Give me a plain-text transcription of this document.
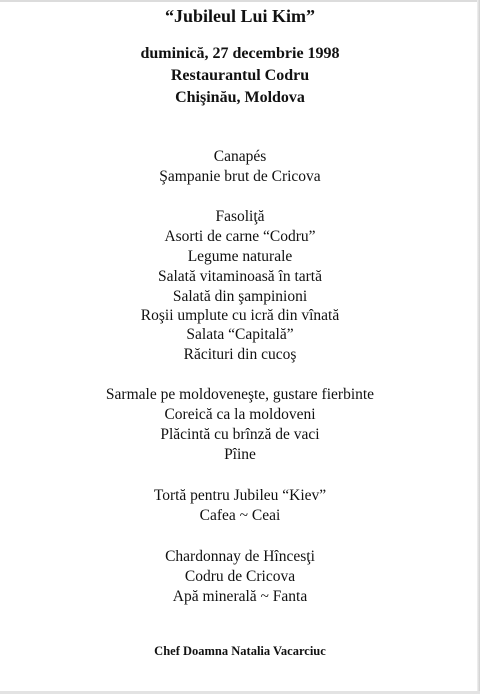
“Jubileul Lui Kim”
duminică, 27 decembrie 1998
Restaurantul Codru
Chişinău, Moldova
Canapés
Şampanie brut de Cricova
Fasoliţă
Asorti de carne “Codru”
Legume naturale
Salată vitaminoasă în tartă
Salată din şampinioni
Roşii umplute cu icră din vînată
Salata “Capitală”
Răcituri din cucoş
Sarmale pe moldoveneşte, gustare fierbinte
Coreică ca la moldoveni
Plăcintă cu brînză de vaci
Pîine
Tortă pentru Jubileu “Kiev”
Cafea ~ Ceai
Chardonnay de Hîncesţi
Codru de Cricova
Apă minerală ~ Fanta
Chef Doamna Natalia Vacarciuc
